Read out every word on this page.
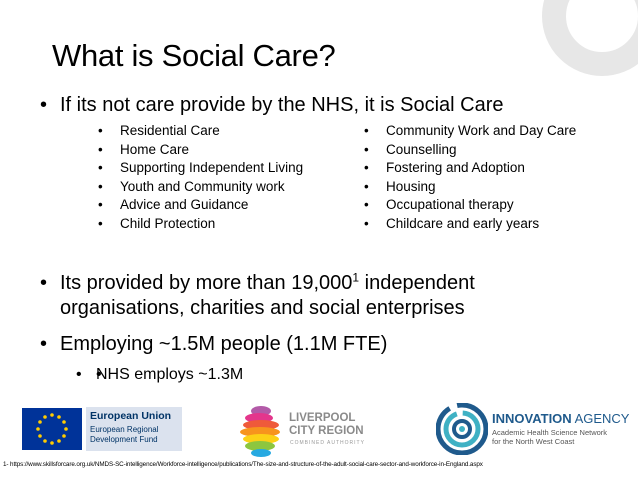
What is Social Care?
• If its not care provide by the NHS, it is Social Care
• Residential Care
• Home Care
• Supporting Independent Living
• Youth and Community work
• Advice and Guidance
• Child Protection
• Community Work and Day Care
• Counselling
• Fostering and Adoption
• Housing
• Occupational therapy
• Childcare and early years
• Its provided by more than 19,000$^1$ independent
organisations, charities and social enterprises
• Employing ~1.5M people (1.1M FTE)
• • NHS employs ~1.3M
European Union
European Regional
Development Fund
LIVERPOOL
CITY REGION
COMBINED AUTHORITY
INNOVATION AGENCY
Academic Health Science Network
for the North West Coast
1- https://www.skillsforcare.org.uk/NMDS-SC-intelligence/Workforce-intelligence/publications/The-size-and-structure-of-the-adult-social-care-sector-and-workforce-in-England.aspx
